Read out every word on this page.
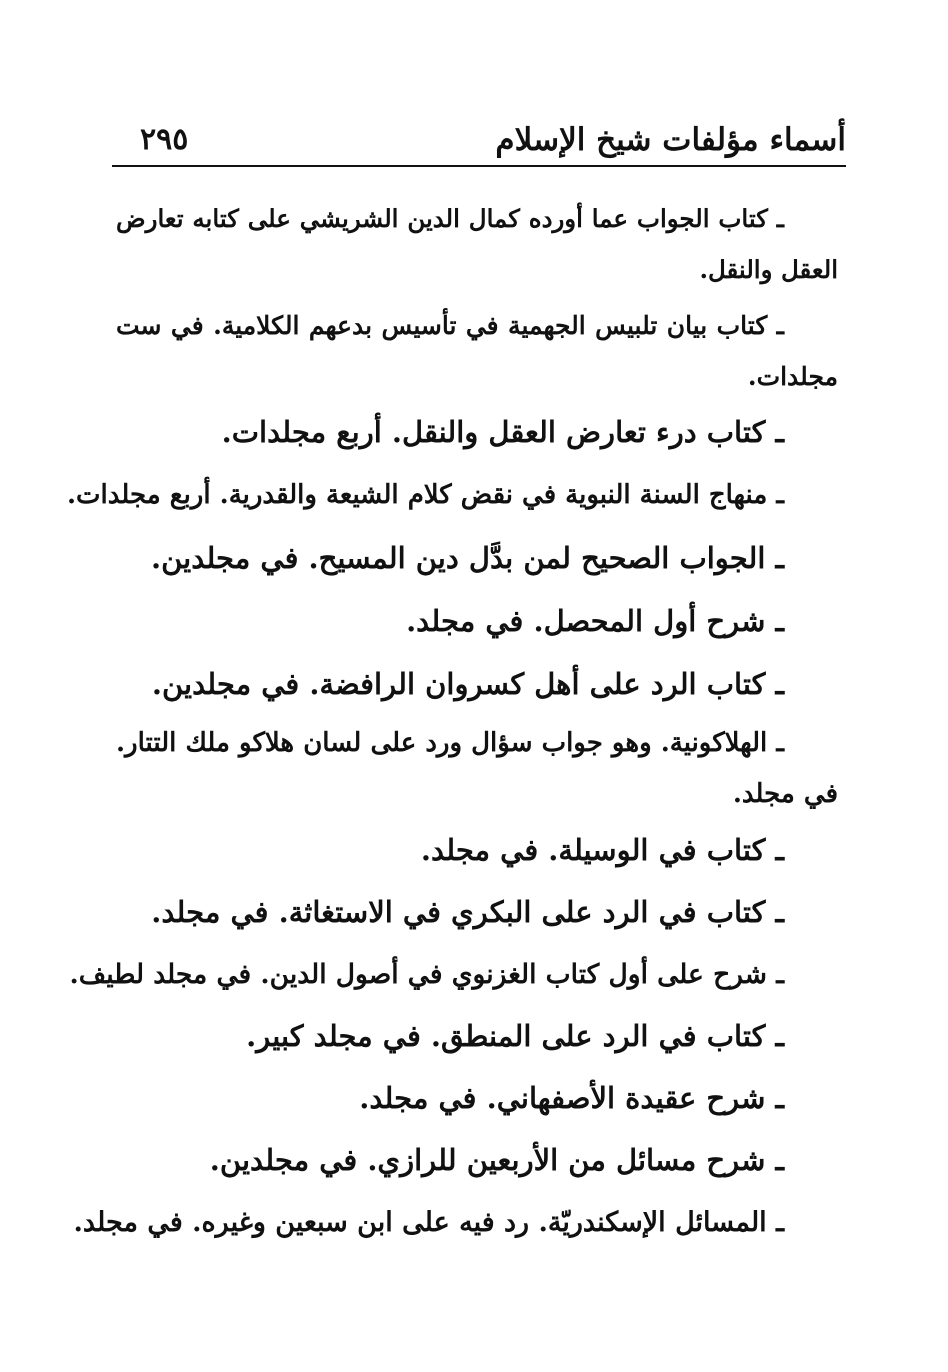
أسماء مؤلفات شيخ الإسلام
٢٩٥
ـ كتاب الجواب عما أورده كمال الدين الشريشي على كتابه تعارض
العقل والنقل.
ـ كتاب بيان تلبيس الجهمية في تأسيس بدعهم الكلامية. في ست
مجلدات.
ـ كتاب درء تعارض العقل والنقل. أربع مجلدات.
ـ منهاج السنة النبوية في نقض كلام الشيعة والقدرية. أربع مجلدات.
ـ الجواب الصحيح لمن بدَّل دين المسيح. في مجلدين.
ـ شرح أول المحصل. في مجلد.
ـ كتاب الرد على أهل كسروان الرافضة. في مجلدين.
ـ الهلاكونية. وهو جواب سؤال ورد على لسان هلاكو ملك التتار.
في مجلد.
ـ كتاب في الوسيلة. في مجلد.
ـ كتاب في الرد على البكري في الاستغاثة. في مجلد.
ـ شرح على أول كتاب الغزنوي في أصول الدين. في مجلد لطيف.
ـ كتاب في الرد على المنطق. في مجلد كبير.
ـ شرح عقيدة الأصفهاني. في مجلد.
ـ شرح مسائل من الأربعين للرازي. في مجلدين.
ـ المسائل الإسكندريّة. رد فيه على ابن سبعين وغيره. في مجلد.
